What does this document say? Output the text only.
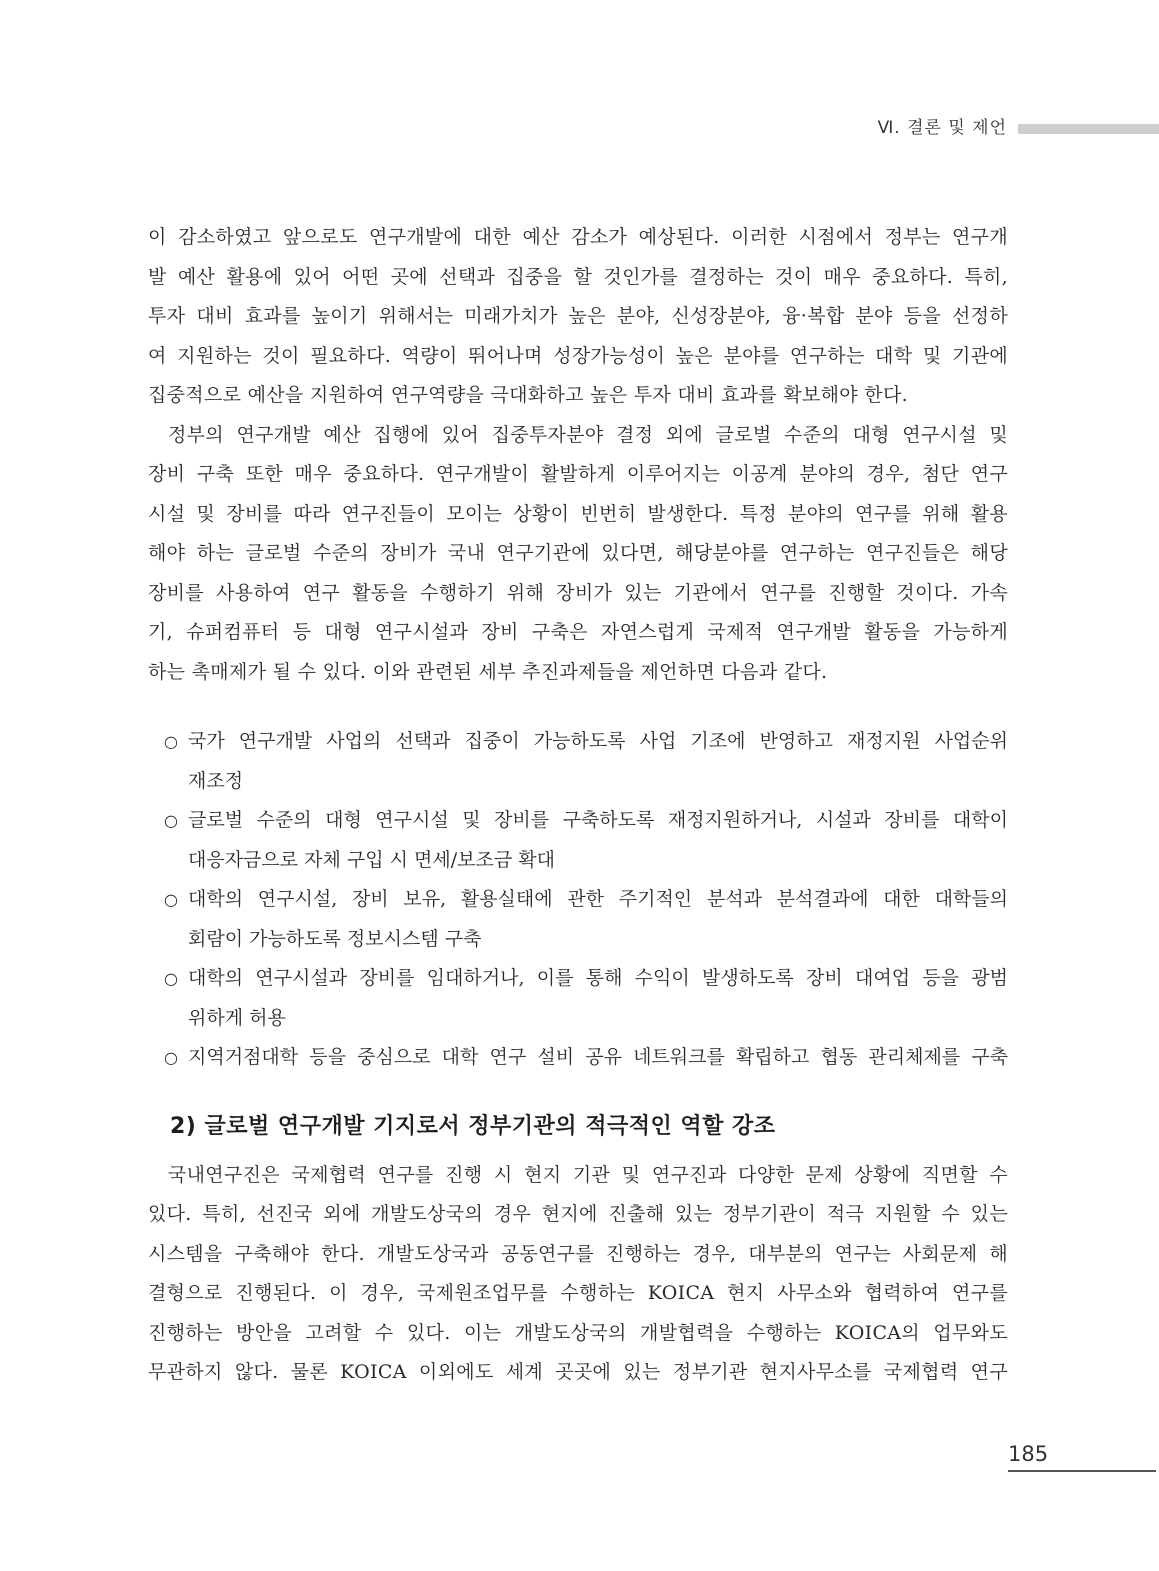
Ⅵ. 결론 및 제언

이 감소하였고 앞으로도 연구개발에 대한 예산 감소가 예상된다. 이러한 시점에서 정부는 연구개

발 예산 활용에 있어 어떤 곳에 선택과 집중을 할 것인가를 결정하는 것이 매우 중요하다. 특히,

투자 대비 효과를 높이기 위해서는 미래가치가 높은 분야, 신성장분야, 융·복합 분야 등을 선정하

여 지원하는 것이 필요하다. 역량이 뛰어나며 성장가능성이 높은 분야를 연구하는 대학 및 기관에

집중적으로 예산을 지원하여 연구역량을 극대화하고 높은 투자 대비 효과를 확보해야 한다.

정부의 연구개발 예산 집행에 있어 집중투자분야 결정 외에 글로벌 수준의 대형 연구시설 및

장비 구축 또한 매우 중요하다. 연구개발이 활발하게 이루어지는 이공계 분야의 경우, 첨단 연구

시설 및 장비를 따라 연구진들이 모이는 상황이 빈번히 발생한다. 특정 분야의 연구를 위해 활용

해야 하는 글로벌 수준의 장비가 국내 연구기관에 있다면, 해당분야를 연구하는 연구진들은 해당

장비를 사용하여 연구 활동을 수행하기 위해 장비가 있는 기관에서 연구를 진행할 것이다. 가속

기, 슈퍼컴퓨터 등 대형 연구시설과 장비 구축은 자연스럽게 국제적 연구개발 활동을 가능하게

하는 촉매제가 될 수 있다. 이와 관련된 세부 추진과제들을 제언하면 다음과 같다.

○ 국가 연구개발 사업의 선택과 집중이 가능하도록 사업 기조에 반영하고 재정지원 사업순위
재조정
○ 글로벌 수준의 대형 연구시설 및 장비를 구축하도록 재정지원하거나, 시설과 장비를 대학이
대응자금으로 자체 구입 시 면세/보조금 확대
○ 대학의 연구시설, 장비 보유, 활용실태에 관한 주기적인 분석과 분석결과에 대한 대학들의
회람이 가능하도록 정보시스템 구축
○ 대학의 연구시설과 장비를 임대하거나, 이를 통해 수익이 발생하도록 장비 대여업 등을 광범
위하게 허용
○ 지역거점대학 등을 중심으로 대학 연구 설비 공유 네트워크를 확립하고 협동 관리체제를 구축
2) 글로벌 연구개발 기지로서 정부기관의 적극적인 역할 강조

국내연구진은 국제협력 연구를 진행 시 현지 기관 및 연구진과 다양한 문제 상황에 직면할 수

있다. 특히, 선진국 외에 개발도상국의 경우 현지에 진출해 있는 정부기관이 적극 지원할 수 있는

시스템을 구축해야 한다. 개발도상국과 공동연구를 진행하는 경우, 대부분의 연구는 사회문제 해

결형으로 진행된다. 이 경우, 국제원조업무를 수행하는 KOICA 현지 사무소와 협력하여 연구를

진행하는 방안을 고려할 수 있다. 이는 개발도상국의 개발협력을 수행하는 KOICA의 업무와도

무관하지 않다. 물론 KOICA 이외에도 세계 곳곳에 있는 정부기관 현지사무소를 국제협력 연구

185
